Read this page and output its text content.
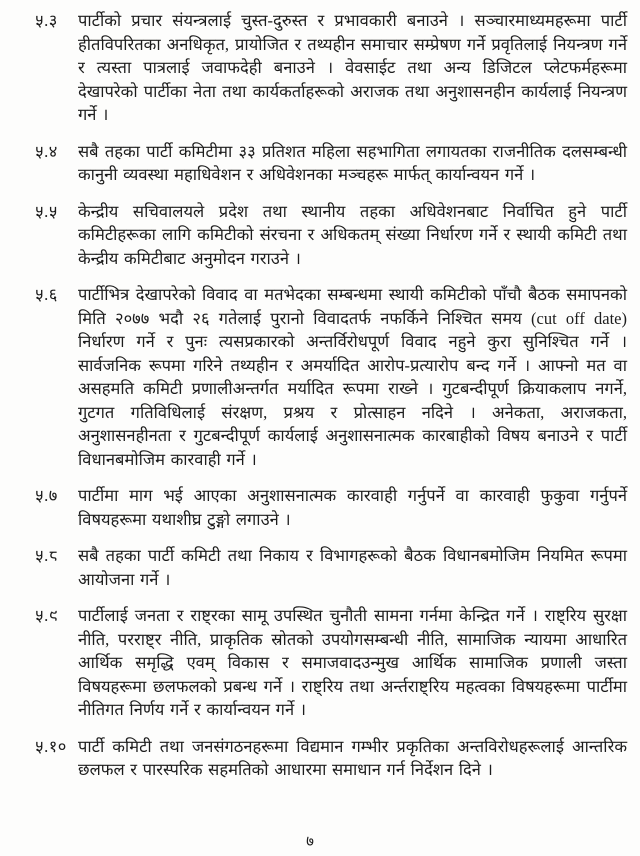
५.३	पार्टीको प्रचार संयन्त्रलाई चुस्त-दुरुस्त र प्रभावकारी बनाउने । सञ्चारमाध्यमहरूमा पार्टी हीतविपरितका अनधिकृत, प्रायोजित र तथ्यहीन समाचार सम्प्रेषण गर्ने प्रवृतिलाई नियन्त्रण गर्ने र त्यस्ता पात्रलाई जवाफदेही बनाउने । वेवसाईट तथा अन्य डिजिटल प्लेटफर्महरूमा देखापरेको पार्टीका नेता तथा कार्यकर्ताहरूको अराजक तथा अनुशासनहीन कार्यलाई नियन्त्रण गर्ने ।

५.४	सबै तहका पार्टी कमिटीमा ३३ प्रतिशत महिला सहभागिता लगायतका राजनीतिक दलसम्बन्धी कानुनी व्यवस्था महाधिवेशन र अधिवेशनका मञ्चहरू मार्फत् कार्यान्वयन गर्ने ।

५.५	केन्द्रीय सचिवालयले प्रदेश तथा स्थानीय तहका अधिवेशनबाट निर्वाचित हुने पार्टी कमिटीहरूका लागि कमिटीको संरचना र अधिकतम् संख्या निर्धारण गर्ने र स्थायी कमिटी तथा केन्द्रीय कमिटीबाट अनुमोदन गराउने ।

५.६	पार्टीभित्र देखापरेको विवाद वा मतभेदका सम्बन्धमा स्थायी कमिटीको पाँचौ बैठक समापनको मिति २०७७ भदौ २६ गतेलाई पुरानो विवादतर्फ नफर्किने निश्चित समय (cut off date) निर्धारण गर्ने र पुनः त्यसप्रकारको अन्तर्विरोधपूर्ण विवाद नहुने कुरा सुनिश्चित गर्ने । सार्वजनिक रूपमा गरिने तथ्यहीन र अमर्यादित आरोप-प्रत्यारोप बन्द गर्ने । आफ्नो मत वा असहमति कमिटी प्रणालीअन्तर्गत मर्यादित रूपमा राख्ने । गुटबन्दीपूर्ण क्रियाकलाप नगर्ने, गुटगत गतिविधिलाई संरक्षण, प्रश्रय र प्रोत्साहन नदिने । अनेकता, अराजकता, अनुशासनहीनता र गुटबन्दीपूर्ण कार्यलाई अनुशासनात्मक कारबाहीको विषय बनाउने र पार्टी विधानबमोजिम कारवाही गर्ने ।

५.७	पार्टीमा माग भई आएका अनुशासनात्मक कारवाही गर्नुपर्ने वा कारवाही फुकुवा गर्नुपर्ने विषयहरूमा यथाशीघ्र टुङ्गो लगाउने ।

५.८	सबै तहका पार्टी कमिटी तथा निकाय र विभागहरूको बैठक विधानबमोजिम नियमित रूपमा आयोजना गर्ने ।

५.९	पार्टीलाई जनता र राष्ट्रका सामू उपस्थित चुनौती सामना गर्नमा केन्द्रित गर्ने । राष्ट्रिय सुरक्षा नीति, परराष्ट्र नीति, प्राकृतिक स्रोतको उपयोगसम्बन्धी नीति, सामाजिक न्यायमा आधारित आर्थिक समृद्धि एवम् विकास र समाजवादउन्मुख आर्थिक सामाजिक प्रणाली जस्ता विषयहरूमा छलफलको प्रबन्ध गर्ने । राष्ट्रिय तथा अर्न्तराष्ट्रिय महत्वका विषयहरूमा पार्टीमा नीतिगत निर्णय गर्ने र कार्यान्वयन गर्ने ।

५.१० पार्टी कमिटी तथा जनसंगठनहरूमा विद्यमान गम्भीर प्रकृतिका अन्तविरोधहरूलाई आन्तरिक छलफल र पारस्परिक सहमतिको आधारमा समाधान गर्न निर्देशन दिने ।

७
